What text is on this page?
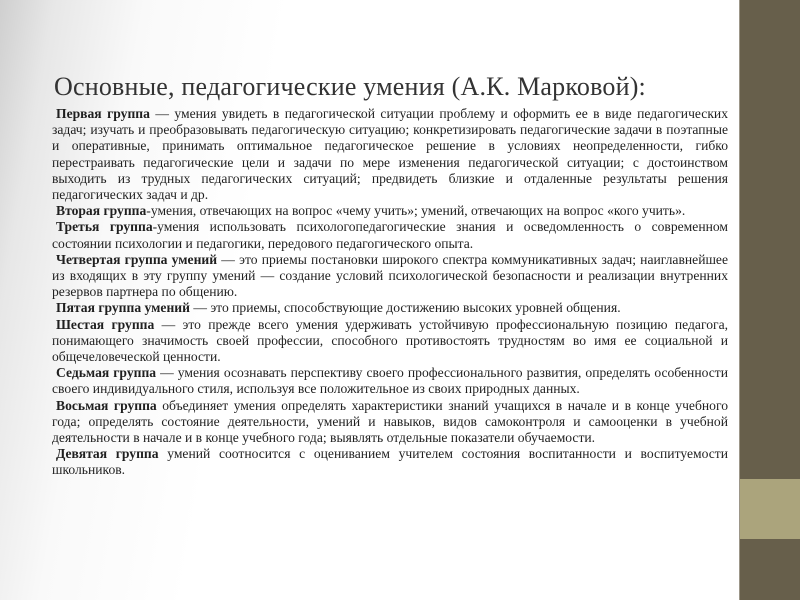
Основные, педагогические умения (А.К. Марковой):

Первая группа — умения увидеть в педагогической ситуации проблему и оформить ее в виде педагогических задач; изучать и преобразовывать педагогическую ситуацию; конкретизировать педагогические задачи в поэтапные и оперативные, принимать оптимальное педагогическое решение в условиях неопределенности, гибко перестраивать педагогические цели и задачи по мере изменения педагогической ситуации; с достоинством выходить из трудных педагогических ситуаций; предвидеть близкие и отдаленные результаты решения педагогических задач и др.

Вторая группа-умения, отвечающих на вопрос «чему учить»; умений, отвечающих на вопрос «кого учить».

Третья группа-умения использовать психологопедагогические знания и осведомленность о современном состоянии психологии и педагогики, передового педагогического опыта.

Четвертая группа умений — это приемы постановки широкого спектра коммуникативных задач; наиглавнейшее из входящих в эту группу умений — создание условий психологической безопасности и реализации внутренних резервов партнера по общению.

Пятая группа умений — это приемы, способствующие достижению высоких уровней общения.

Шестая группа — это прежде всего умения удерживать устойчивую профессиональную позицию педагога, понимающего значимость своей профессии, способного противостоять трудностям во имя ее социальной и общечеловеческой ценности.

Седьмая группа — умения осознавать перспективу своего профессионального развития, определять особенности своего индивидуального стиля, используя все положительное из своих природных данных.

Восьмая группа объединяет умения определять характеристики знаний учащихся в начале и в конце учебного года; определять состояние деятельности, умений и навыков, видов самоконтроля и самооценки в учебной деятельности в начале и в конце учебного года; выявлять отдельные показатели обучаемости.

Девятая группа умений соотносится с оцениванием учителем состояния воспитанности и воспитуемости школьников.
